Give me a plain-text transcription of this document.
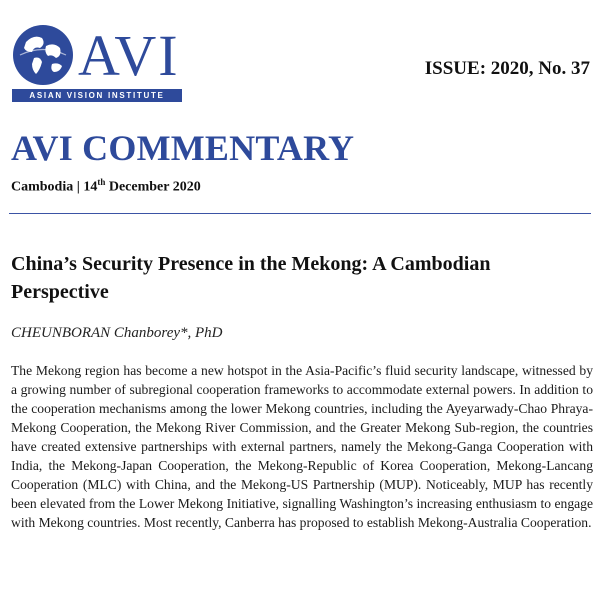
AVI
ASIAN VISION INSTITUTE
ISSUE: 2020, No. 37
AVI COMMENTARY
Cambodia | 14th December 2020
China’s Security Presence in the Mekong: A Cambodian Perspective
CHEUNBORAN Chanborey*, PhD

The Mekong region has become a new hotspot in the Asia-Pacific’s fluid security landscape, witnessed by a growing number of subregional cooperation frameworks to accommodate external powers. In addition to the cooperation mechanisms among the lower Mekong countries, including the Ayeyarwady-Chao Phraya-Mekong Cooperation, the Mekong River Commission, and the Greater Mekong Sub-region, the countries have created extensive partnerships with external partners, namely the Mekong-Ganga Cooperation with India, the Mekong-Japan Cooperation, the Mekong-Republic of Korea Cooperation, Mekong-Lancang Cooperation (MLC) with China, and the Mekong-US Partnership (MUP). Noticeably, MUP has recently been elevated from the Lower Mekong Initiative, signalling Washington’s increasing enthusiasm to engage with Mekong countries. Most recently, Canberra has proposed to establish Mekong-Australia Cooperation.
